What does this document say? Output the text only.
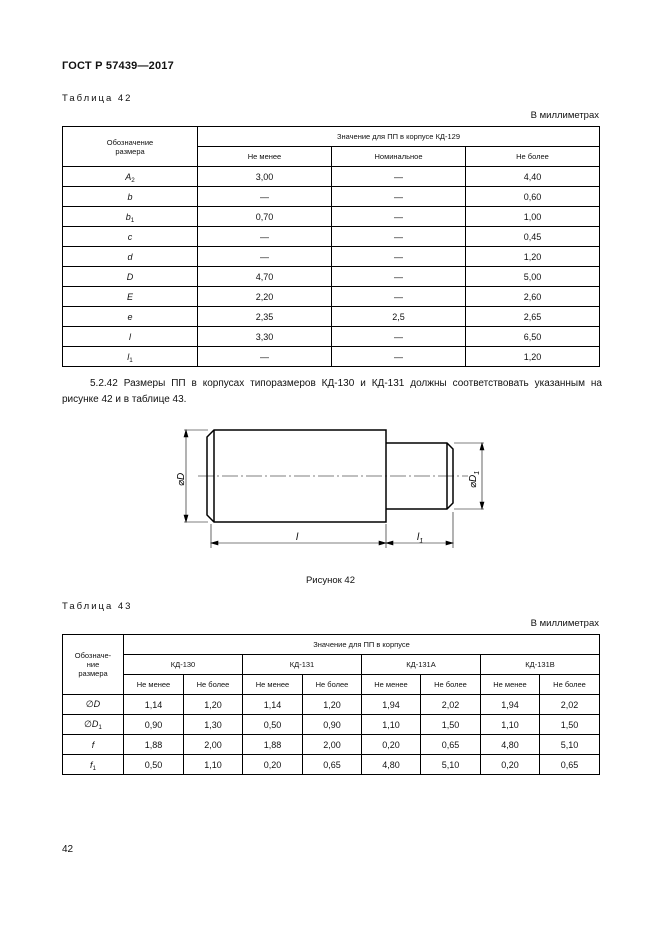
ГОСТ Р 57439—2017
Таблица 42
В миллиметрах
Обозначение
размера	Значение для ПП в корпусе КД-129		
	Не менее	Номинальное	Не более
$A_2$	3,00	—	4,40
b	—	—	0,60
$b_1$	0,70	—	1,00
c	—	—	0,45
d	—	—	1,20
D	4,70	—	5,00
E	2,20	—	2,60
e	2,35	2,5	2,65
l	3,30	—	6,50
$l_1$	—	—	1,20
5.2.42 Размеры ПП в корпусах типоразмеров КД-130 и КД-131 должны соответствовать указанным на рисунке 42 и в таблице 43.
⌀D	$⌀D_1$
l	$l_1$
Рисунок 42
Таблица 43
В миллиметрах
Обозначе-
ние
размера	Значение для ПП в корпусе							
	КД-130		КД-131		КД-131А		КД-131В	
	Не менее	Не более	Не менее	Не более	Не менее	Не более	Не менее	Не более
∅D	1,14	1,20	1,14	1,20	1,94	2,02	1,94	2,02
$\emptyset D_1$	0,90	1,30	0,50	0,90	1,10	1,50	1,10	1,50
f	1,88	2,00	1,88	2,00	0,20	0,65	4,80	5,10
$f_1$	0,50	1,10	0,20	0,65	4,80	5,10	0,20	0,65
42
